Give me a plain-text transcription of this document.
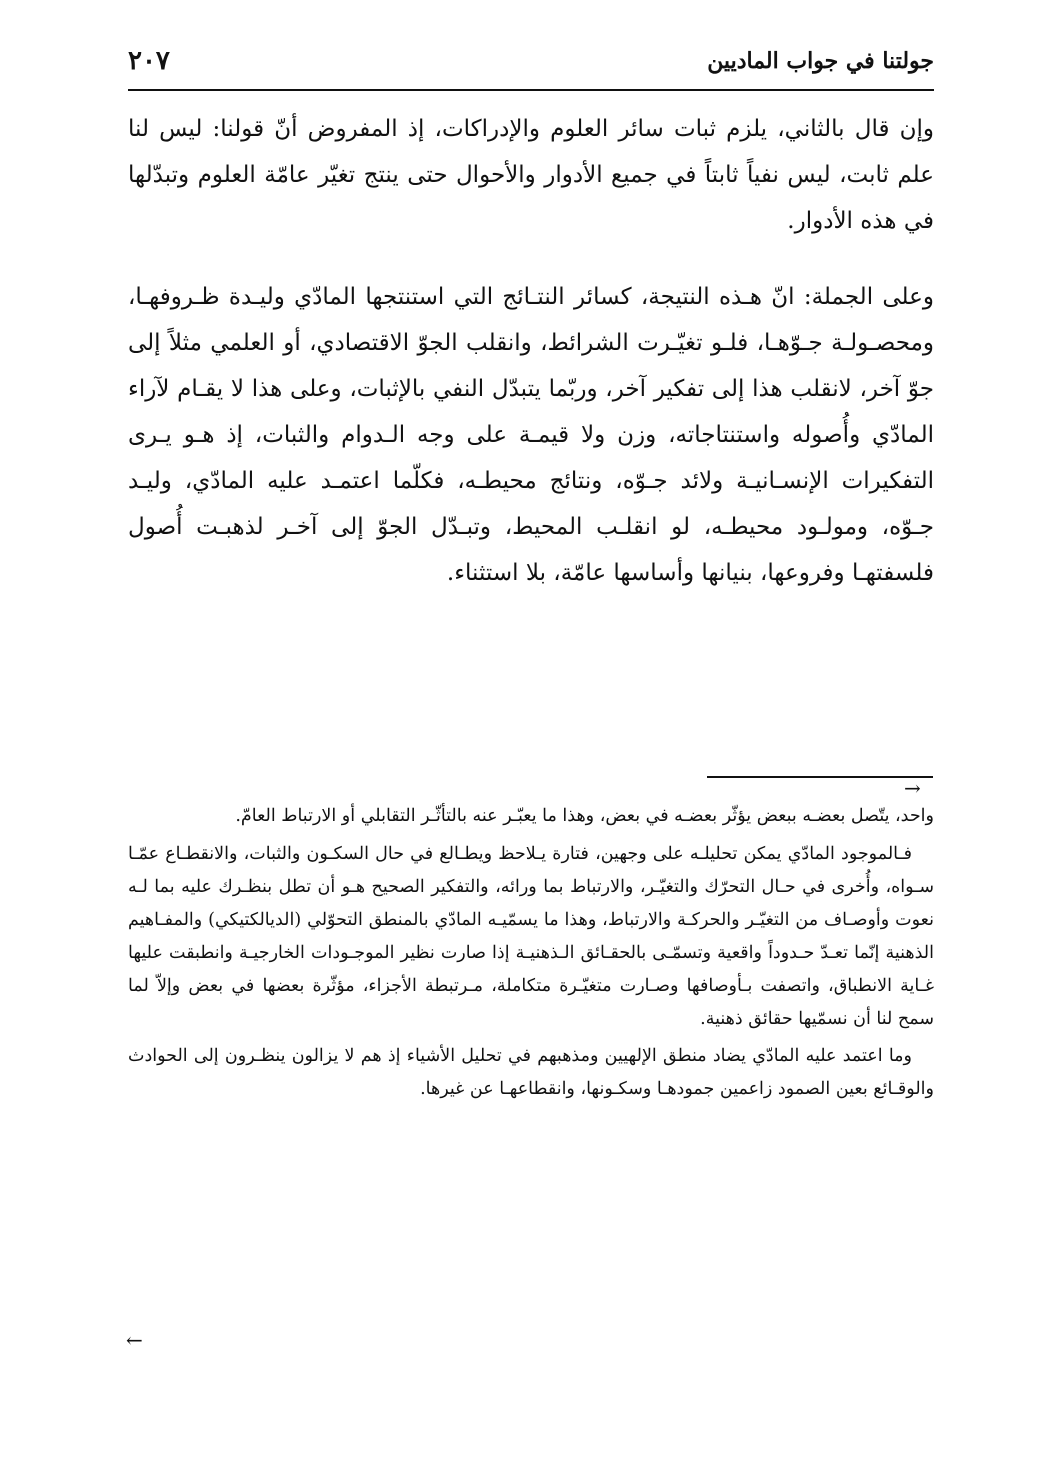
جولتنا في جواب الماديين
٢٠٧

وإن قال بالثاني، يلزم ثبات سائر العلوم والإدراكات، إذ المفروض أنّ قولنا: ليس لنا علم ثابت، ليس نفياً ثابتاً في جميع الأدوار والأحوال حتى ينتج تغيّر عامّة العلوم وتبدّلها في هذه الأدوار.

وعلى الجملة: انّ هـذه النتيجة، كسائر النتـائج التي استنتجها المادّي وليـدة ظـروفهـا، ومحصـولـة جـوّهـا، فلـو تغيّـرت الشرائط، وانقلب الجوّ الاقتصادي، أو العلمي مثلاً إلى جوّ آخر، لانقلب هذا إلى تفكير آخر، وربّما يتبدّل النفي بالإثبات، وعلى هذا لا يقـام لآراء المادّي وأُصوله واستنتاجاته، وزن ولا قيمـة على وجه الـدوام والثبات، إذ هـو يـرى التفكيرات الإنسـانيـة ولائد جـوّه، ونتائج محيطـه، فكلّما اعتمـد عليه المادّي، وليـد جـوّه، ومولـود محيطـه، لو انقلـب المحيط، وتبـدّل الجوّ إلى آخـر لذهبـت أُصول فلسفتهـا وفروعها، بنيانها وأساسها عامّة، بلا استثناء.

→

واحد، يتّصل بعضـه ببعض يؤثّر بعضـه في بعض، وهذا ما يعبّـر عنه بالتأثّـر التقابلي أو الارتباط العامّ.

فـالموجود المادّي يمكن تحليلـه على وجهين، فتارة يـلاحظ ويطـالع في حال السكـون والثبات، والانقطـاع عمّـا سـواه، وأُخرى في حـال التحرّك والتغيّـر، والارتباط بما ورائه، والتفكير الصحيح هـو أن تطل بنظـرك عليه بما لـه نعوت وأوصـاف من التغيّـر والحركـة والارتباط، وهذا ما يسمّيـه المادّي بالمنطق التحوّلي (الديالكتيكي) والمفـاهيم الذهنية إنّما تعـدّ حـدوداً واقعية وتسمّـى بالحقـائق الـذهنيـة إذا صارت نظير الموجـودات الخارجيـة وانطبقت عليها غـاية الانطباق، واتصفت بـأوصافها وصـارت متغيّـرة متكاملة، مـرتبطة الأجزاء، مؤثّرة بعضها في بعض وإلاّ لما سمح لنا أن نسمّيها حقائق ذهنية.

وما اعتمد عليه المادّي يضاد منطق الإلهيين ومذهبهم في تحليل الأشياء إذ هم لا يزالون ينظـرون إلى الحوادث والوقـائع بعين الصمود زاعمين جمودهـا وسكـونها، وانقطاعهـا عن غيرها.

←
